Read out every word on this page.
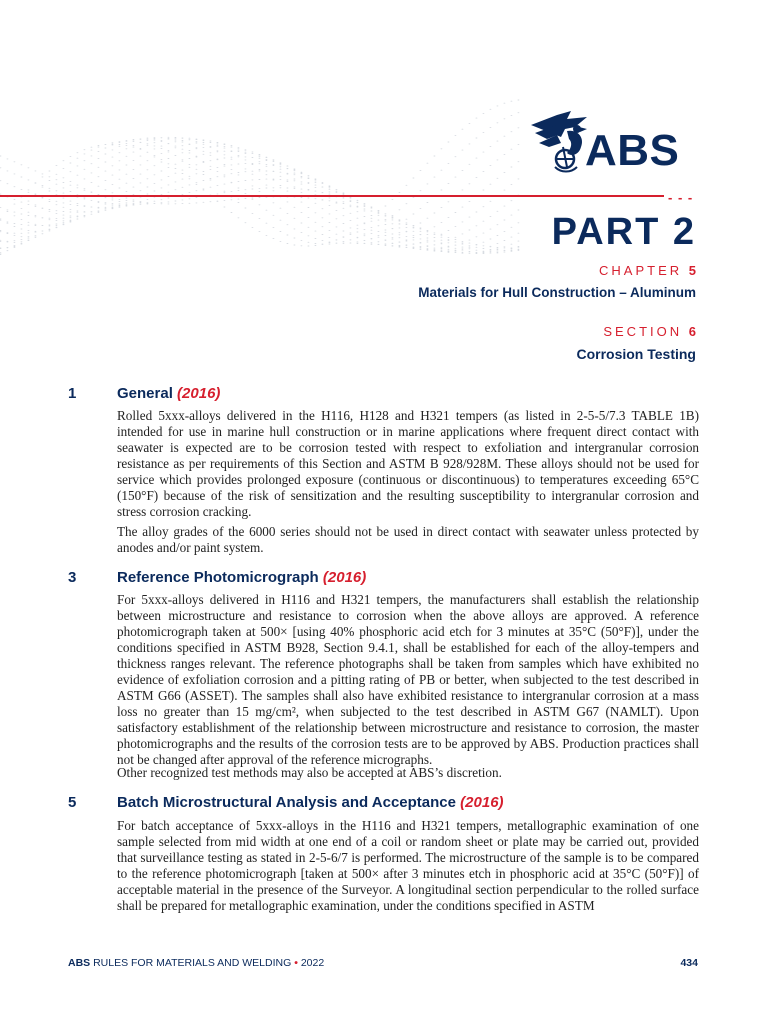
ABS
- - -
PART 2
CHAPTER 5
Materials for Hull Construction – Aluminum
SECTION 6
Corrosion Testing
1	General (2016)

Rolled 5xxx-alloys delivered in the H116, H128 and H321 tempers (as listed in 2-5-5/7.3 TABLE 1B) intended for use in marine hull construction or in marine applications where frequent direct contact with seawater is expected are to be corrosion tested with respect to exfoliation and intergranular corrosion resistance as per requirements of this Section and ASTM B 928/928M. These alloys should not be used for service which provides prolonged exposure (continuous or discontinuous) to temperatures exceeding 65°C (150°F) because of the risk of sensitization and the resulting susceptibility to intergranular corrosion and stress corrosion cracking.

The alloy grades of the 6000 series should not be used in direct contact with seawater unless protected by anodes and/or paint system.

3	Reference Photomicrograph (2016)

For 5xxx-alloys delivered in H116 and H321 tempers, the manufacturers shall establish the relationship between microstructure and resistance to corrosion when the above alloys are approved. A reference photomicrograph taken at 500× [using 40% phosphoric acid etch for 3 minutes at 35°C (50°F)], under the conditions specified in ASTM B928, Section 9.4.1, shall be established for each of the alloy-tempers and thickness ranges relevant. The reference photographs shall be taken from samples which have exhibited no evidence of exfoliation corrosion and a pitting rating of PB or better, when subjected to the test described in ASTM G66 (ASSET). The samples shall also have exhibited resistance to intergranular corrosion at a mass loss no greater than 15 mg/cm², when subjected to the test described in ASTM G67 (NAMLT). Upon satisfactory establishment of the relationship between microstructure and resistance to corrosion, the master photomicrographs and the results of the corrosion tests are to be approved by ABS. Production practices shall not be changed after approval of the reference micrographs.

Other recognized test methods may also be accepted at ABS’s discretion.

5	Batch Microstructural Analysis and Acceptance (2016)

For batch acceptance of 5xxx-alloys in the H116 and H321 tempers, metallographic examination of one sample selected from mid width at one end of a coil or random sheet or plate may be carried out, provided that surveillance testing as stated in 2-5-6/7 is performed. The microstructure of the sample is to be compared to the reference photomicrograph [taken at 500× after 3 minutes etch in phosphoric acid at 35°C (50°F)] of acceptable material in the presence of the Surveyor. A longitudinal section perpendicular to the rolled surface shall be prepared for metallographic examination, under the conditions specified in ASTM

ABS RULES FOR MATERIALS AND WELDING • 2022	434
